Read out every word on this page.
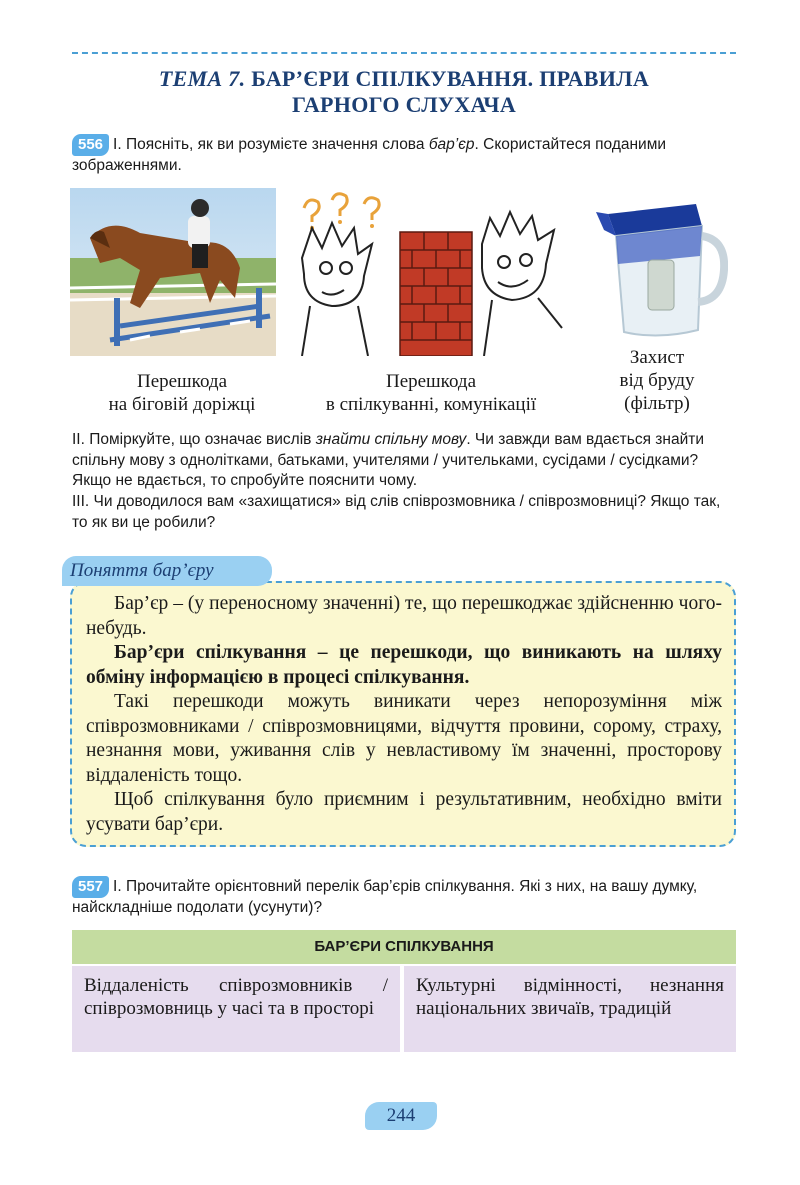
ТЕМА 7. БАР’ЄРИ СПІЛКУВАННЯ. ПРАВИЛА
ГАРНОГО СЛУХАЧА
556 І. Поясніть, як ви розумієте значення слова бар’єр. Скористайтеся поданими зображеннями.
Перешкода
на біговій доріжці
Перешкода
в спілкуванні, комунікації
Захист
від бруду
(фільтр)
ІІ. Поміркуйте, що означає вислів знайти спільну мову. Чи завжди вам вдається знайти спільну мову з однолітками, батьками, учителями / учительками, сусідами / сусідками? Якщо не вдається, то спробуйте пояснити чому.
ІІІ. Чи доводилося вам «захищатися» від слів співрозмовника / співрозмовниці? Якщо так, то як ви це робили?
Поняття бар’єру

Бар’єр – (у переносному значенні) те, що перешкоджає здійсненню чого-небудь.

Бар’єри спілкування – це перешкоди, що виникають на шляху обміну інформацією в процесі спілкування.

Такі перешкоди можуть виникати через непорозуміння між співрозмовниками / співрозмовницями, відчуття провини, сорому, страху, незнання мови, уживання слів у невластивому їм значенні, просторову віддаленість тощо.

Щоб спілкування було приємним і результативним, необхідно вміти усувати бар’єри.

557 І. Прочитайте орієнтовний перелік бар’єрів спілкування. Які з них, на вашу думку, найскладніше подолати (усунути)?
БАР’ЄРИ СПІЛКУВАННЯ
Віддаленість співрозмовників / співрозмовниць у часі та в просторі
Культурні відмінності, незнання національних звичаїв, традицій
244
